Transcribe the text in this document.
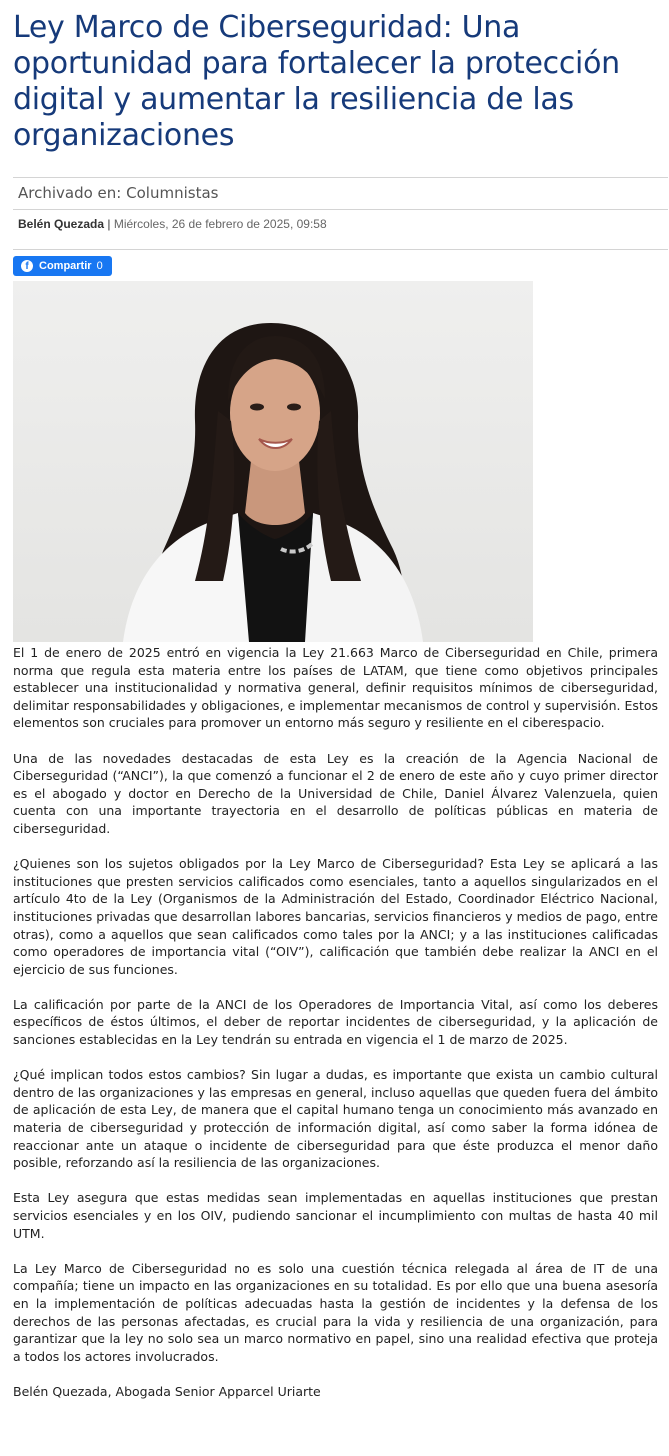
Ley Marco de Ciberseguridad: Una oportunidad para fortalecer la protección digital y aumentar la resiliencia de las organizaciones
Archivado en: Columnistas
Belén Quezada | Miércoles, 26 de febrero de 2025, 09:58
f Compartir 0

El 1 de enero de 2025 entró en vigencia la Ley 21.663 Marco de Ciberseguridad en Chile, primera norma que regula esta materia entre los países de LATAM, que tiene como objetivos principales establecer una institucionalidad y normativa general, definir requisitos mínimos de ciberseguridad, delimitar responsabilidades y obligaciones, e implementar mecanismos de control y supervisión. Estos elementos son cruciales para promover un entorno más seguro y resiliente en el ciberespacio.

Una de las novedades destacadas de esta Ley es la creación de la Agencia Nacional de Ciberseguridad (“ANCI”), la que comenzó a funcionar el 2 de enero de este año y cuyo primer director es el abogado y doctor en Derecho de la Universidad de Chile, Daniel Álvarez Valenzuela, quien cuenta con una importante trayectoria en el desarrollo de políticas públicas en materia de ciberseguridad.

¿Quienes son los sujetos obligados por la Ley Marco de Ciberseguridad? Esta Ley se aplicará a las instituciones que presten servicios calificados como esenciales, tanto a aquellos singularizados en el artículo 4to de la Ley (Organismos de la Administración del Estado, Coordinador Eléctrico Nacional, instituciones privadas que desarrollan labores bancarias, servicios financieros y medios de pago, entre otras), como a aquellos que sean calificados como tales por la ANCI; y a las instituciones calificadas como operadores de importancia vital (“OIV”), calificación que también debe realizar la ANCI en el ejercicio de sus funciones.

La calificación por parte de la ANCI de los Operadores de Importancia Vital, así como los deberes específicos de éstos últimos, el deber de reportar incidentes de ciberseguridad, y la aplicación de sanciones establecidas en la Ley tendrán su entrada en vigencia el 1 de marzo de 2025.

¿Qué implican todos estos cambios? Sin lugar a dudas, es importante que exista un cambio cultural dentro de las organizaciones y las empresas en general, incluso aquellas que queden fuera del ámbito de aplicación de esta Ley, de manera que el capital humano tenga un conocimiento más avanzado en materia de ciberseguridad y protección de información digital, así como saber la forma idónea de reaccionar ante un ataque o incidente de ciberseguridad para que éste produzca el menor daño posible, reforzando así la resiliencia de las organizaciones.

Esta Ley asegura que estas medidas sean implementadas en aquellas instituciones que prestan servicios esenciales y en los OIV, pudiendo sancionar el incumplimiento con multas de hasta 40 mil UTM.

La Ley Marco de Ciberseguridad no es solo una cuestión técnica relegada al área de IT de una compañía; tiene un impacto en las organizaciones en su totalidad. Es por ello que una buena asesoría en la implementación de políticas adecuadas hasta la gestión de incidentes y la defensa de los derechos de las personas afectadas, es crucial para la vida y resiliencia de una organización, para garantizar que la ley no solo sea un marco normativo en papel, sino una realidad efectiva que proteja a todos los actores involucrados.

Belén Quezada, Abogada Senior Apparcel Uriarte
